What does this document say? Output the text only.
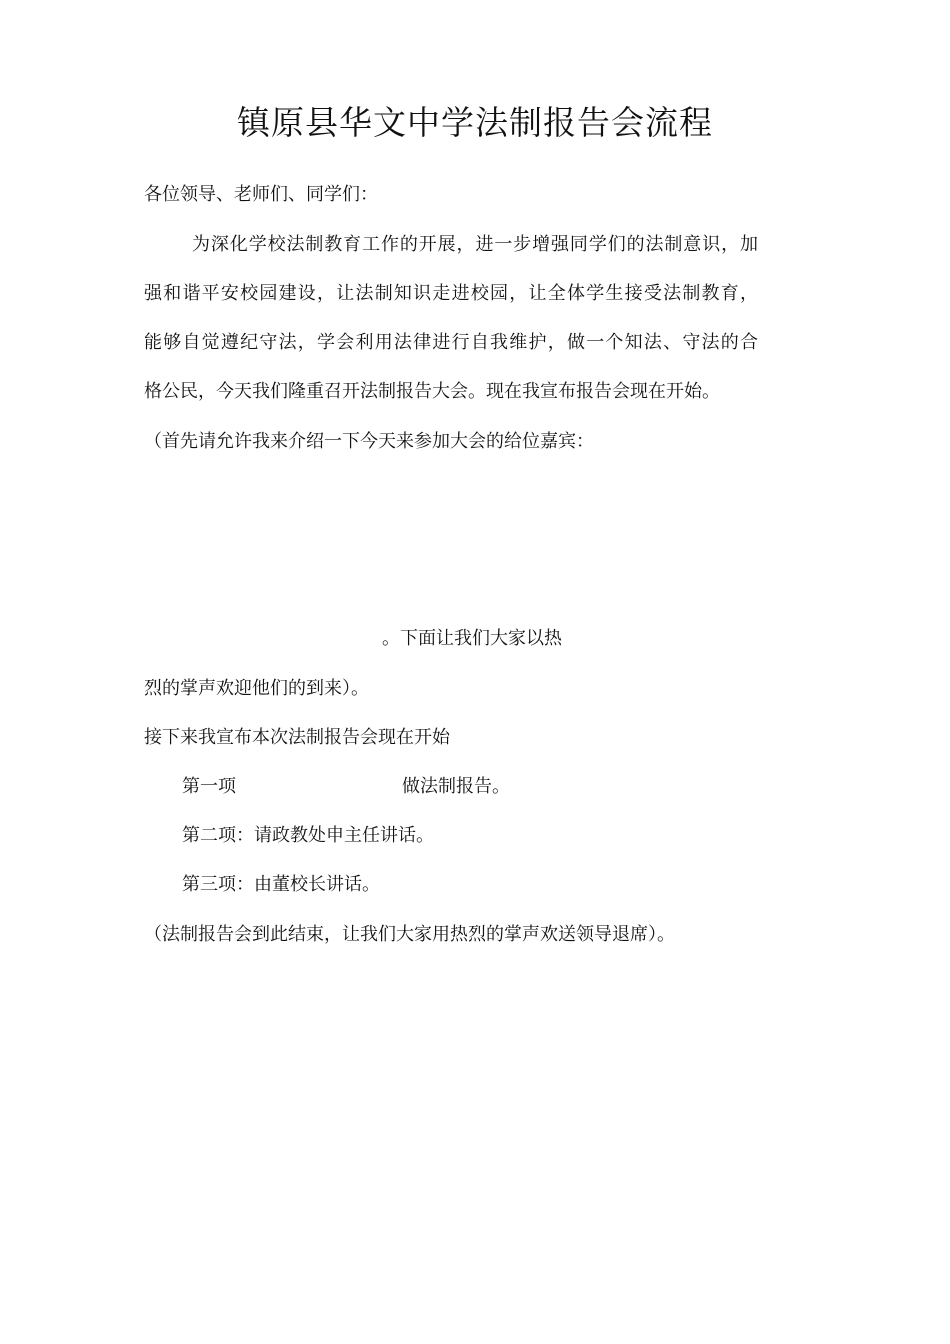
镇原县华文中学法制报告会流程
各位领导、老师们、同学们：
为深化学校法制教育工作的开展，进一步增强同学们的法制意识，加
强和谐平安校园建设，让法制知识走进校园，让全体学生接受法制教育，
能够自觉遵纪守法，学会利用法律进行自我维护，做一个知法、守法的合
格公民，今天我们隆重召开法制报告大会。现在我宣布报告会现在开始。
（首先请允许我来介绍一下今天来参加大会的给位嘉宾：
。下面让我们大家以热
烈的掌声欢迎他们的到来）。
接下来我宣布本次法制报告会现在开始
第一项	做法制报告。
第二项：请政教处申主任讲话。
第三项：由董校长讲话。
（法制报告会到此结束，让我们大家用热烈的掌声欢送领导退席）。
